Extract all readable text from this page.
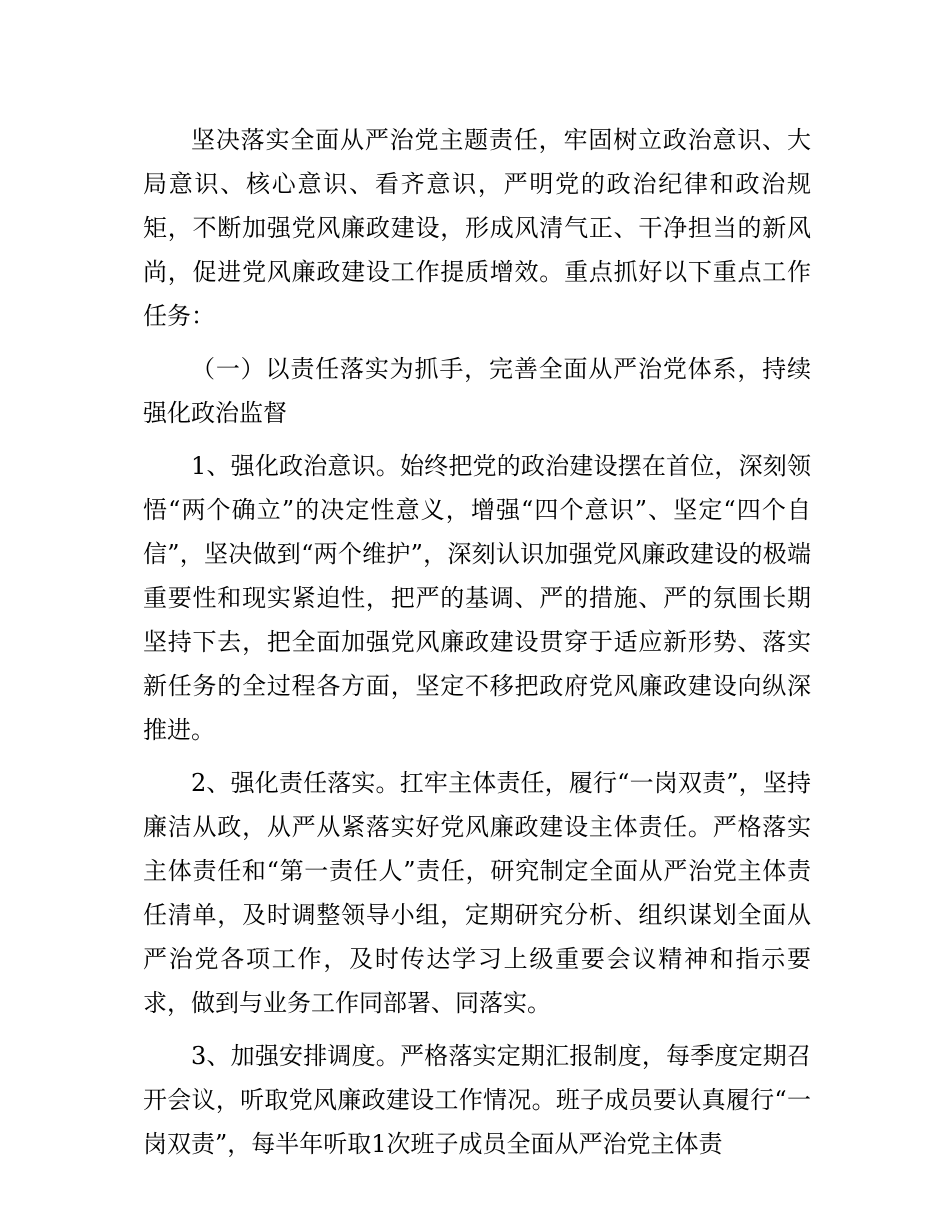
坚决落实全面从严治党主题责任，牢固树立政治意识、大局意识、核心意识、看齐意识，严明党的政治纪律和政治规矩，不断加强党风廉政建设，形成风清气正、干净担当的新风尚，促进党风廉政建设工作提质增效。重点抓好以下重点工作任务：

（一）以责任落实为抓手，完善全面从严治党体系，持续强化政治监督

1、强化政治意识。始终把党的政治建设摆在首位，深刻领悟“两个确立”的决定性意义，增强“四个意识”、坚定“四个自信”，坚决做到“两个维护”，深刻认识加强党风廉政建设的极端重要性和现实紧迫性，把严的基调、严的措施、严的氛围长期坚持下去，把全面加强党风廉政建设贯穿于适应新形势、落实新任务的全过程各方面，坚定不移把政府党风廉政建设向纵深推进。

2、强化责任落实。扛牢主体责任，履行“一岗双责”，坚持廉洁从政，从严从紧落实好党风廉政建设主体责任。严格落实主体责任和“第一责任人”责任，研究制定全面从严治党主体责任清单，及时调整领导小组，定期研究分析、组织谋划全面从严治党各项工作，及时传达学习上级重要会议精神和指示要求，做到与业务工作同部署、同落实。

3、加强安排调度。严格落实定期汇报制度，每季度定期召开会议，听取党风廉政建设工作情况。班子成员要认真履行“一岗双责”，每半年听取1次班子成员全面从严治党主体责
